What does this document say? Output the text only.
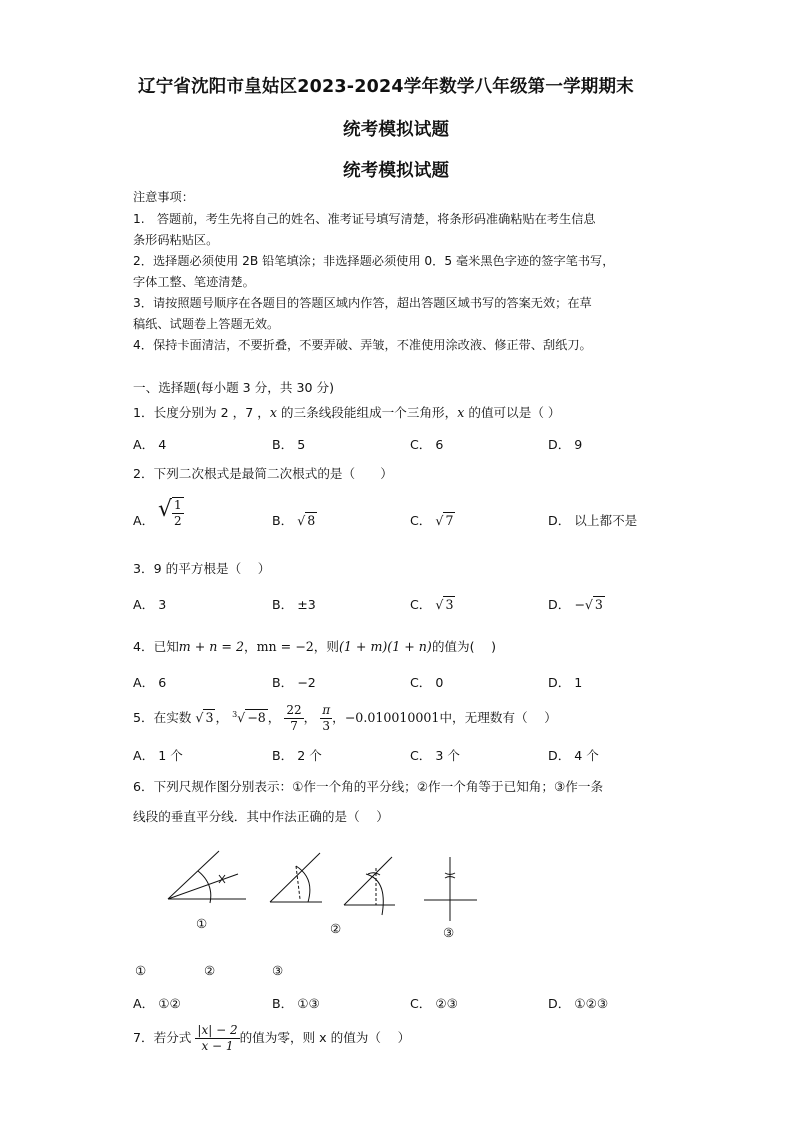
辽宁省沈阳市皇姑区2023-2024学年数学八年级第一学期期末
统考模拟试题
统考模拟试题
注意事项：
1.　答题前，考生先将自己的姓名、准考证号填写清楚，将条形码准确粘贴在考生信息
条形码粘贴区。
2．选择题必须使用 2B 铅笔填涂；非选择题必须使用 0．5 毫米黑色字迹的签字笔书写，
字体工整、笔迹清楚。
3．请按照题号顺序在各题目的答题区域内作答，超出答题区域书写的答案无效；在草
稿纸、试题卷上答题无效。
4．保持卡面清洁，不要折叠，不要弄破、弄皱，不准使用涂改液、修正带、刮纸刀。
一、选择题(每小题 3 分，共 30 分)
1．长度分别为 2 ，7 ，x 的三条线段能组成一个三角形，x 的值可以是（ ）
A． 4	B． 5	C． 6	D． 9
2．下列二次根式是最简二次根式的是（　　）
A． √ $\frac{1}{2}$	B． √ 8	C． √ 7	D． 以上都不是
3．9 的平方根是（　 ）
A． 3	B． ±3	C． √ 3	D． −√ 3
4．已知m + n = 2，mn = −2，则(1 + m)(1 + n)的值为(　 )
A． 6	B． −2	C． 0	D． 1
5．在实数 √ 3 ， $^3$√ −8 ， $\frac{22}{7}$ ， $\frac{\pi}{3}$ ，−0.010010001中，无理数有（　 ）
A． 1 个	B． 2 个	C． 3 个	D． 4 个
6．下列尺规作图分别表示：①作一个角的平分线；②作一个角等于已知角；③作一条
线段的垂直平分线．其中作法正确的是（　 ）
①	②	③
①	②	③
A． ①②	B． ①③	C． ②③	D． ①②③
7．若分式 $\frac{|x| - 2}{x - 1}$ 的值为零，则 x 的值为（　 ）
